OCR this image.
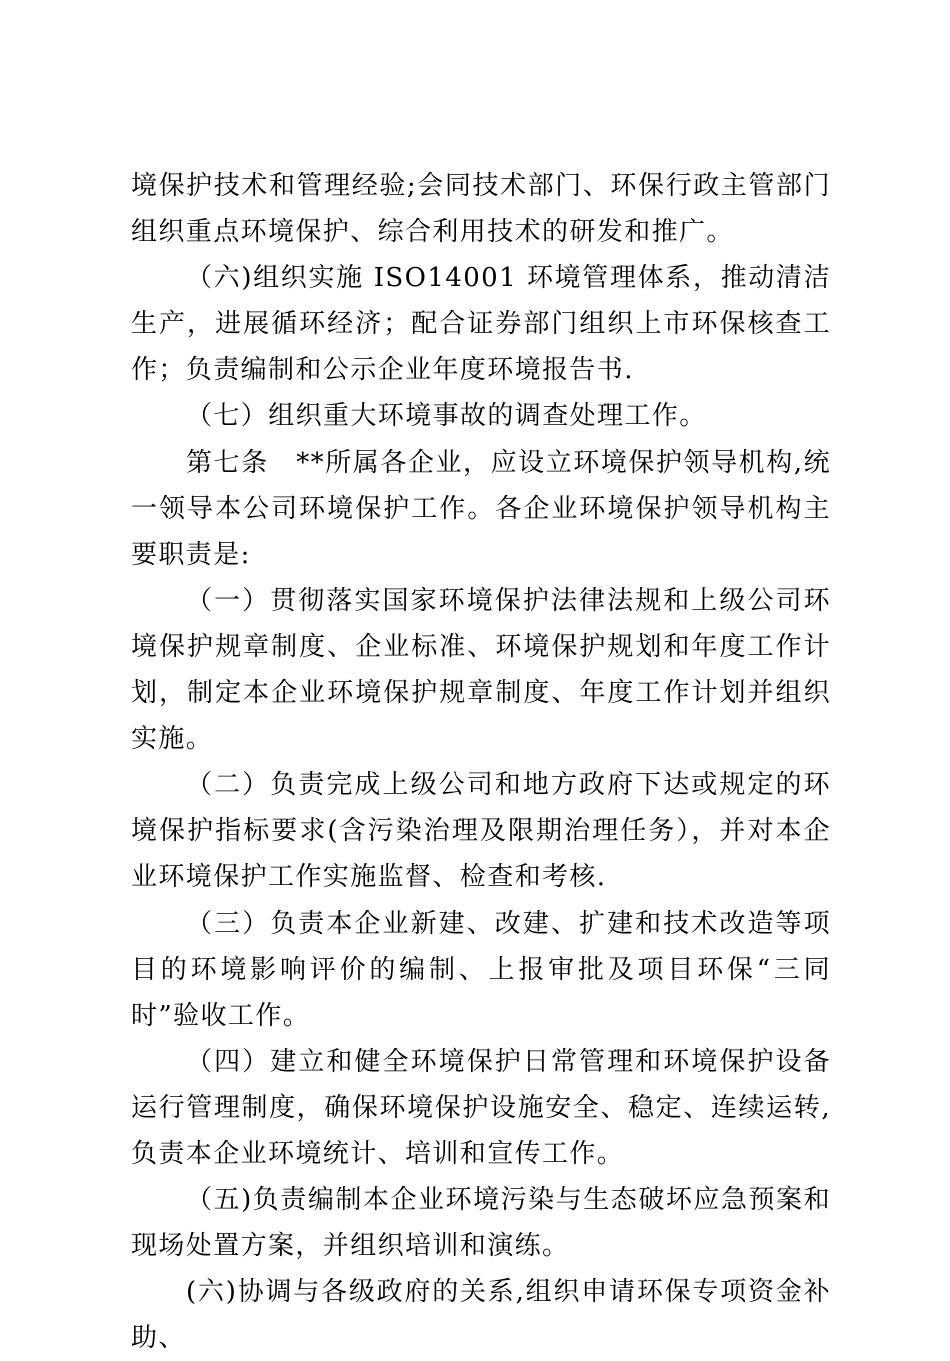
境保护技术和管理经验;会同技术部门、环保行政主管部门组织重点环境保护、综合利用技术的研发和推广。

（六)组织实施 ISO14001 环境管理体系，推动清洁生产，进展循环经济；配合证券部门组织上市环保核查工作；负责编制和公示企业年度环境报告书.

（七）组织重大环境事故的调查处理工作。

第七条　**所属各企业，应设立环境保护领导机构,统一领导本公司环境保护工作。各企业环境保护领导机构主要职责是:

（一）贯彻落实国家环境保护法律法规和上级公司环境保护规章制度、企业标准、环境保护规划和年度工作计划，制定本企业环境保护规章制度、年度工作计划并组织实施。

（二）负责完成上级公司和地方政府下达或规定的环境保护指标要求(含污染治理及限期治理任务），并对本企业环境保护工作实施监督、检查和考核.

（三）负责本企业新建、改建、扩建和技术改造等项目的环境影响评价的编制、上报审批及项目环保“三同时”验收工作。

（四）建立和健全环境保护日常管理和环境保护设备运行管理制度，确保环境保护设施安全、稳定、连续运转,负责本企业环境统计、培训和宣传工作。

（五)负责编制本企业环境污染与生态破坏应急预案和现场处置方案，并组织培训和演练。

(六)协调与各级政府的关系,组织申请环保专项资金补助、
